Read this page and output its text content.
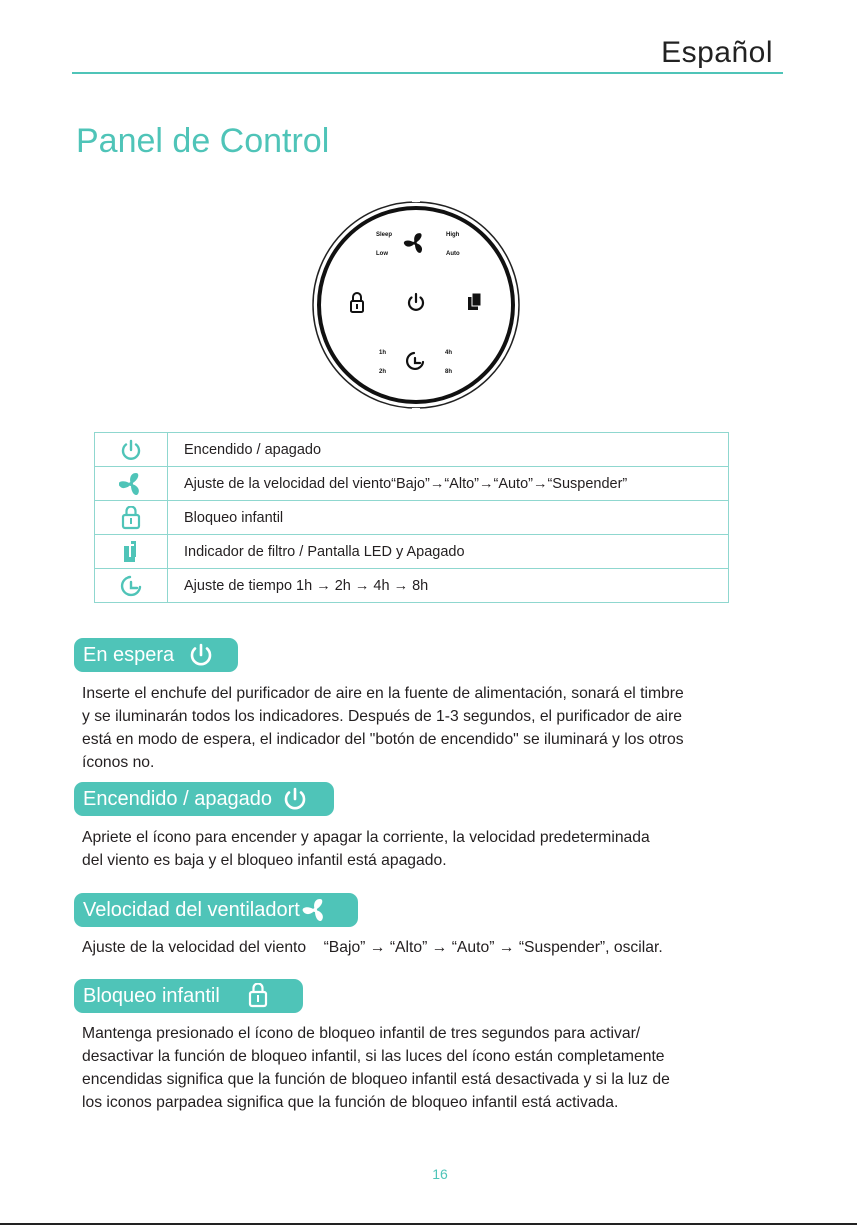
Español
Panel de Control
Sleep	High
Low	Auto
1h	4h
2h	8h
	Encendido / apagado
	Ajuste de la velocidad del viento“Bajo”→“Alto”→“Auto”→“Suspender”
	Bloqueo infantil
	Indicador de filtro / Pantalla LED y Apagado
	Ajuste de tiempo 1h → 2h → 4h → 8h
En espera

Inserte el enchufe del purificador de aire en la fuente de alimentación, sonará el timbre
y se iluminarán todos los indicadores. Después de 1-3 segundos, el purificador de aire
está en modo de espera, el indicador del "botón de encendido" se iluminará y los otros
íconos no.

Encendido / apagado

Apriete el ícono para encender y apagar la corriente, la velocidad predeterminada
del viento es baja y el bloqueo infantil está apagado.

Velocidad del ventiladort

Ajuste de la velocidad del viento    “Bajo” → “Alto” → “Auto” → “Suspender”, oscilar.

Bloqueo infantil

Mantenga presionado el ícono de bloqueo infantil de tres segundos para activar/
desactivar la función de bloqueo infantil, si las luces del ícono están completamente
encendidas significa que la función de bloqueo infantil está desactivada y si la luz de
los iconos parpadea significa que la función de bloqueo infantil está activada.

16
